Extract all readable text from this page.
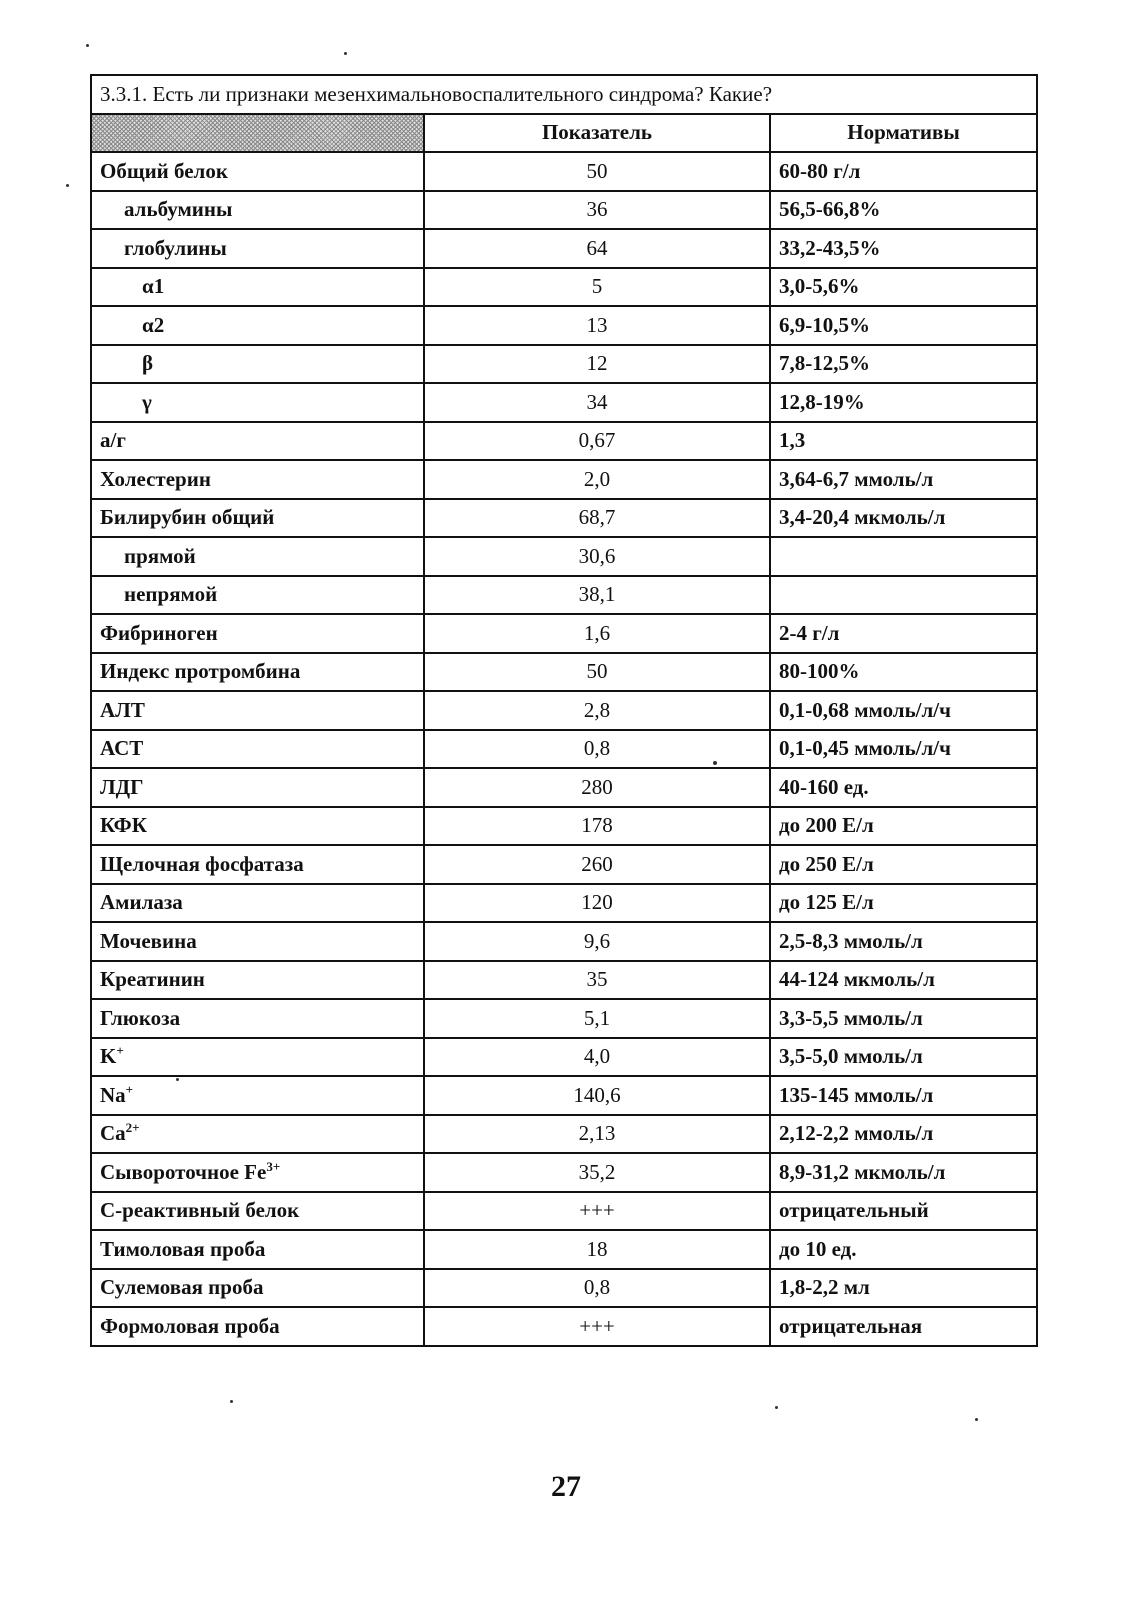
3.3.1. Есть ли признаки мезенхимальновоспалительного синдрома? Какие?		
	Показатель	Нормативы
Общий белок	50	60-80 г/л
альбумины	36	56,5-66,8%
глобулины	64	33,2-43,5%
α1	5	3,0-5,6%
α2	13	6,9-10,5%
β	12	7,8-12,5%
γ	34	12,8-19%
а/г	0,67	1,3
Холестерин	2,0	3,64-6,7 ммоль/л
Билирубин общий	68,7	3,4-20,4 мкмоль/л
прямой	30,6	
непрямой	38,1	
Фибриноген	1,6	2-4 г/л
Индекс протромбина	50	80-100%
АЛТ	2,8	0,1-0,68 ммоль/л/ч
АСТ	0,8	0,1-0,45 ммоль/л/ч
ЛДГ	280	40-160 ед.
КФК	178	до 200 Е/л
Щелочная фосфатаза	260	до 250 Е/л
Амилаза	120	до 125 Е/л
Мочевина	9,6	2,5-8,3 ммоль/л
Креатинин	35	44-124 мкмоль/л
Глюкоза	5,1	3,3-5,5 ммоль/л
K+	4,0	3,5-5,0 ммоль/л
Na+	140,6	135-145 ммоль/л
$Ca^{2+}$	2,13	2,12-2,2 ммоль/л
Сывороточное $Fe^{3+}$	35,2	8,9-31,2 мкмоль/л
С-реактивный белок	+++	отрицательный
Тимоловая проба	18	до 10 ед.
Сулемовая проба	0,8	1,8-2,2 мл
Формоловая проба	+++	отрицательная
27
